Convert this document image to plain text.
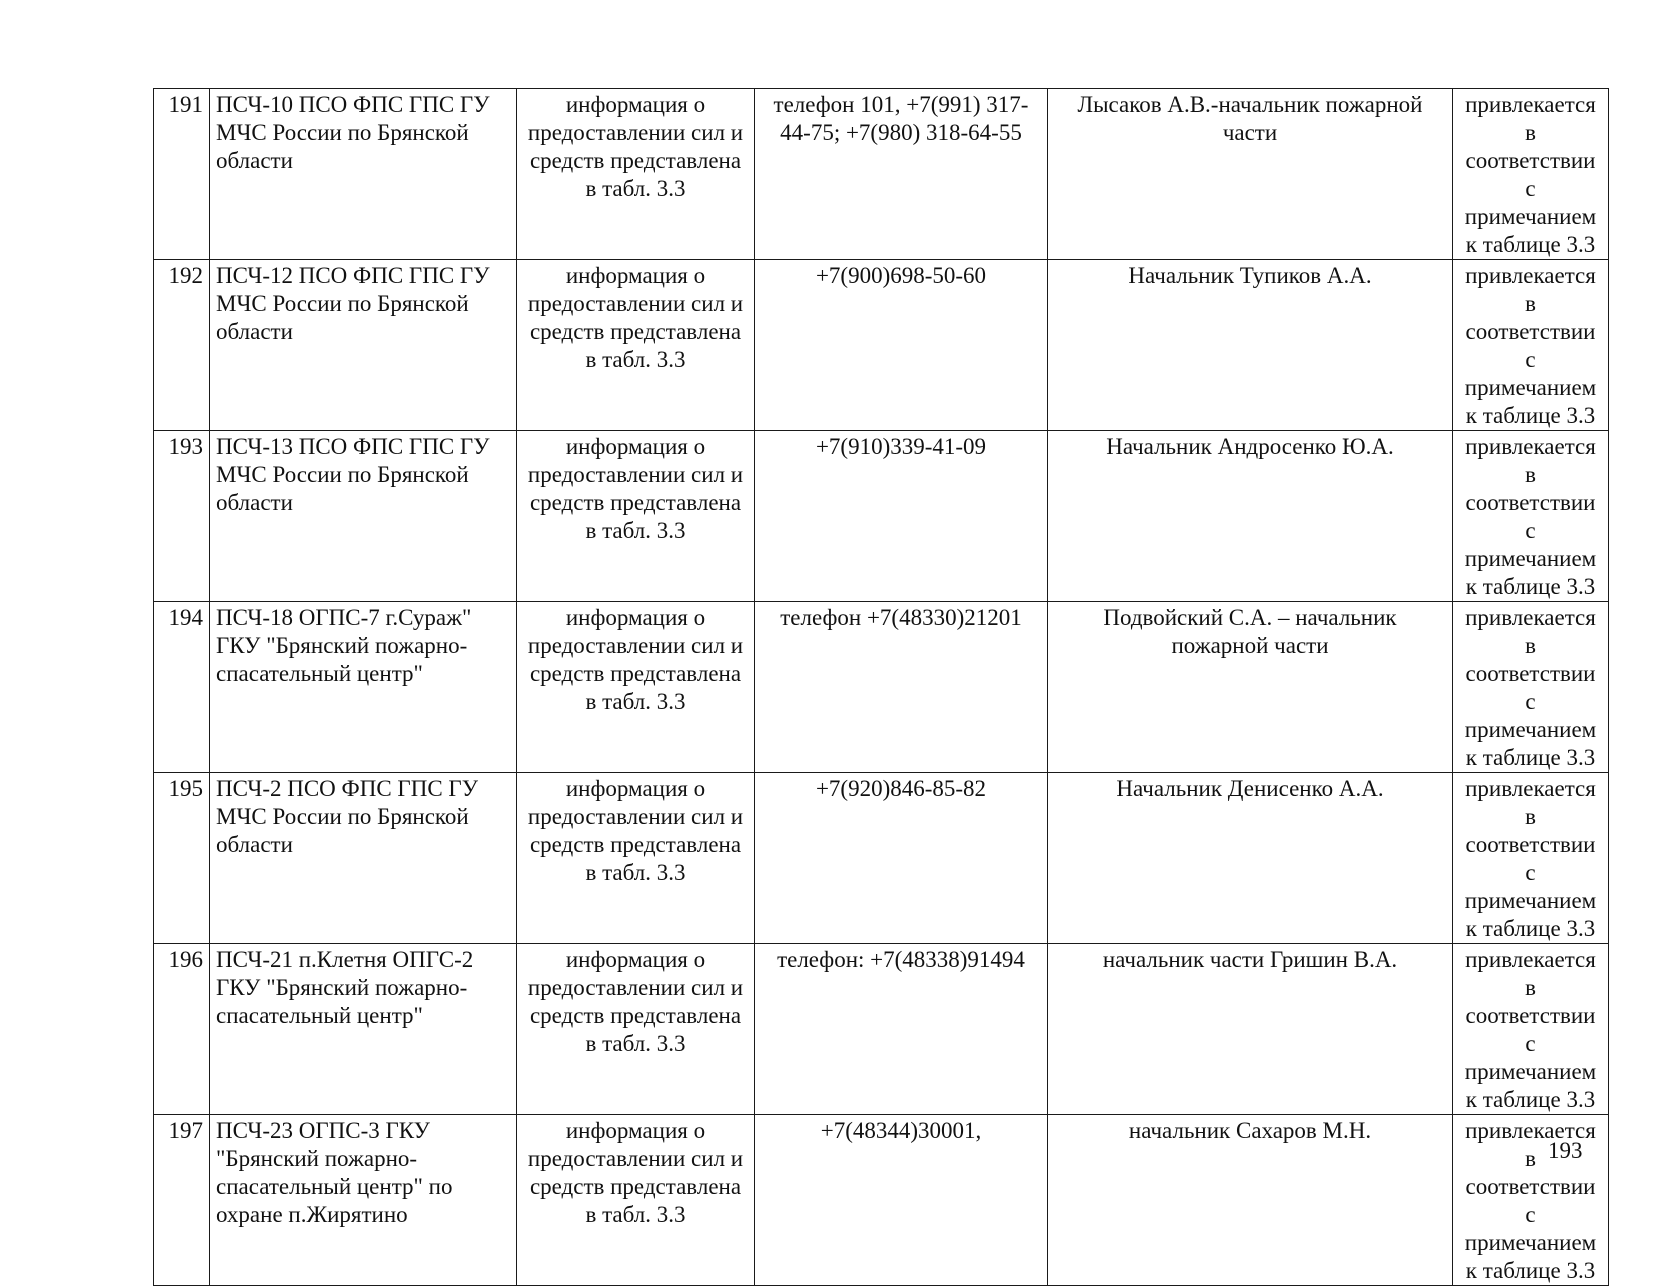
191	ПСЧ-10 ПСО ФПС ГПС ГУ МЧС России по Брянской области	информация о предоставлении сил и средств представлена в табл. 3.3	телефон 101, +7(991) 317-44-75; +7(980) 318-64-55	Лысаков А.В.-начальник пожарной части	привлекается в соответствии с примечанием к таблице 3.3
192	ПСЧ-12 ПСО ФПС ГПС ГУ МЧС России по Брянской области	информация о предоставлении сил и средств представлена в табл. 3.3	+7(900)698-50-60	Начальник Тупиков А.А.	привлекается в соответствии с примечанием к таблице 3.3
193	ПСЧ-13 ПСО ФПС ГПС ГУ МЧС России по Брянской области	информация о предоставлении сил и средств представлена в табл. 3.3	+7(910)339-41-09	Начальник Андросенко Ю.А.	привлекается в соответствии с примечанием к таблице 3.3
194	ПСЧ-18 ОГПС-7 г.Сураж" ГКУ "Брянский пожарно-спасательный центр"	информация о предоставлении сил и средств представлена в табл. 3.3	телефон +7(48330)21201	Подвойский С.А. – начальник пожарной части	привлекается в соответствии с примечанием к таблице 3.3
195	ПСЧ-2 ПСО ФПС ГПС ГУ МЧС России по Брянской области	информация о предоставлении сил и средств представлена в табл. 3.3	+7(920)846-85-82	Начальник Денисенко А.А.	привлекается в соответствии с примечанием к таблице 3.3
196	ПСЧ-21 п.Клетня ОПГС-2 ГКУ "Брянский пожарно-спасательный центр"	информация о предоставлении сил и средств представлена в табл. 3.3	телефон: +7(48338)91494	начальник части Гришин В.А.	привлекается в соответствии с примечанием к таблице 3.3
197	ПСЧ-23 ОГПС-3 ГКУ "Брянский пожарно-спасательный центр" по охране п.Жирятино	информация о предоставлении сил и средств представлена в табл. 3.3	+7(48344)30001,	начальник Сахаров М.Н.	привлекается в соответствии с примечанием к таблице 3.3
193
